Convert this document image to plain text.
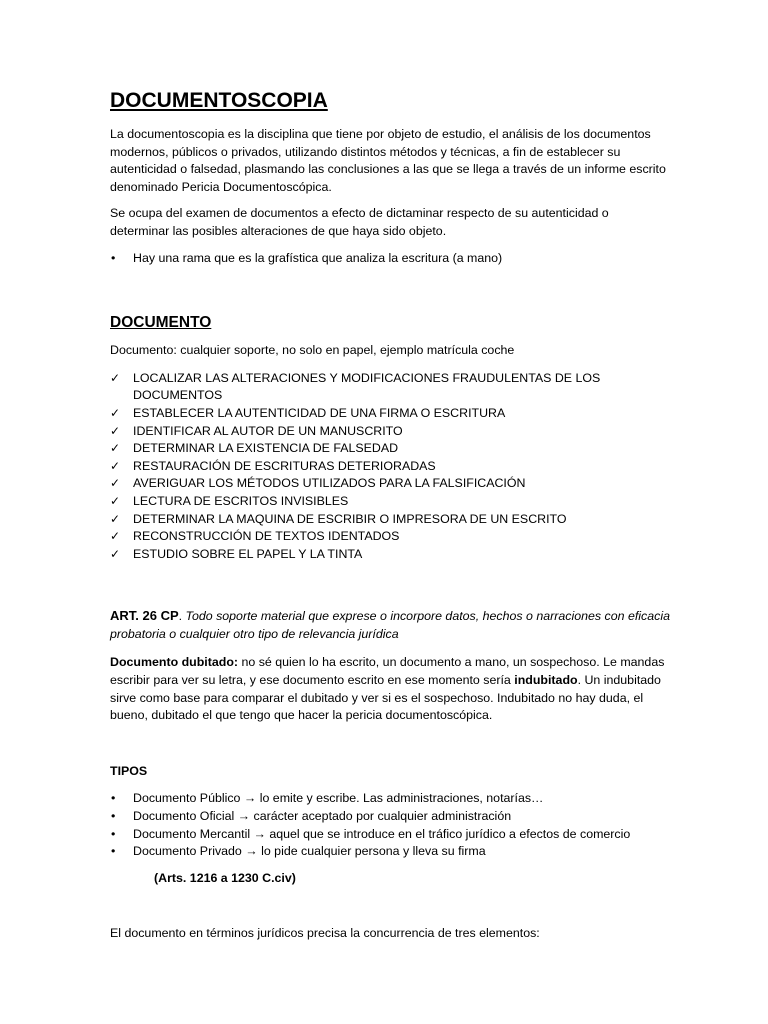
DOCUMENTOSCOPIA

La documentoscopia es la disciplina que tiene por objeto de estudio, el análisis de los documentos modernos, públicos o privados, utilizando distintos métodos y técnicas, a fin de establecer su autenticidad o falsedad, plasmando las conclusiones a las que se llega a través de un informe escrito denominado Pericia Documentoscópica.

Se ocupa del examen de documentos a efecto de dictaminar respecto de su autenticidad o determinar las posibles alteraciones de que haya sido objeto.

•	Hay una rama que es la grafística que analiza la escritura (a mano)
DOCUMENTO

Documento: cualquier soporte, no solo en papel, ejemplo matrícula coche

✓	LOCALIZAR LAS ALTERACIONES Y MODIFICACIONES FRAUDULENTAS DE LOS DOCUMENTOS
✓	ESTABLECER LA AUTENTICIDAD DE UNA FIRMA O ESCRITURA
✓	IDENTIFICAR AL AUTOR DE UN MANUSCRITO
✓	DETERMINAR LA EXISTENCIA DE FALSEDAD
✓	RESTAURACIÓN DE ESCRITURAS DETERIORADAS
✓	AVERIGUAR LOS MÉTODOS UTILIZADOS PARA LA FALSIFICACIÓN
✓	LECTURA DE ESCRITOS INVISIBLES
✓	DETERMINAR LA MAQUINA DE ESCRIBIR O IMPRESORA DE UN ESCRITO
✓	RECONSTRUCCIÓN DE TEXTOS IDENTADOS
✓	ESTUDIO SOBRE EL PAPEL Y LA TINTA

ART. 26 CP. Todo soporte material que exprese o incorpore datos, hechos o narraciones con eficacia probatoria o cualquier otro tipo de relevancia jurídica

Documento dubitado: no sé quien lo ha escrito, un documento a mano, un sospechoso. Le mandas escribir para ver su letra, y ese documento escrito en ese momento sería indubitado. Un indubitado sirve como base para comparar el dubitado y ver si es el sospechoso. Indubitado no hay duda, el bueno, dubitado el que tengo que hacer la pericia documentoscópica.

TIPOS

•	Documento Público → lo emite y escribe. Las administraciones, notarías…
•	Documento Oficial → carácter aceptado por cualquier administración
•	Documento Mercantil → aquel que se introduce en el tráfico jurídico a efectos de comercio
•	Documento Privado → lo pide cualquier persona y lleva su firma

(Arts. 1216 a 1230 C.civ)

El documento en términos jurídicos precisa la concurrencia de tres elementos:
